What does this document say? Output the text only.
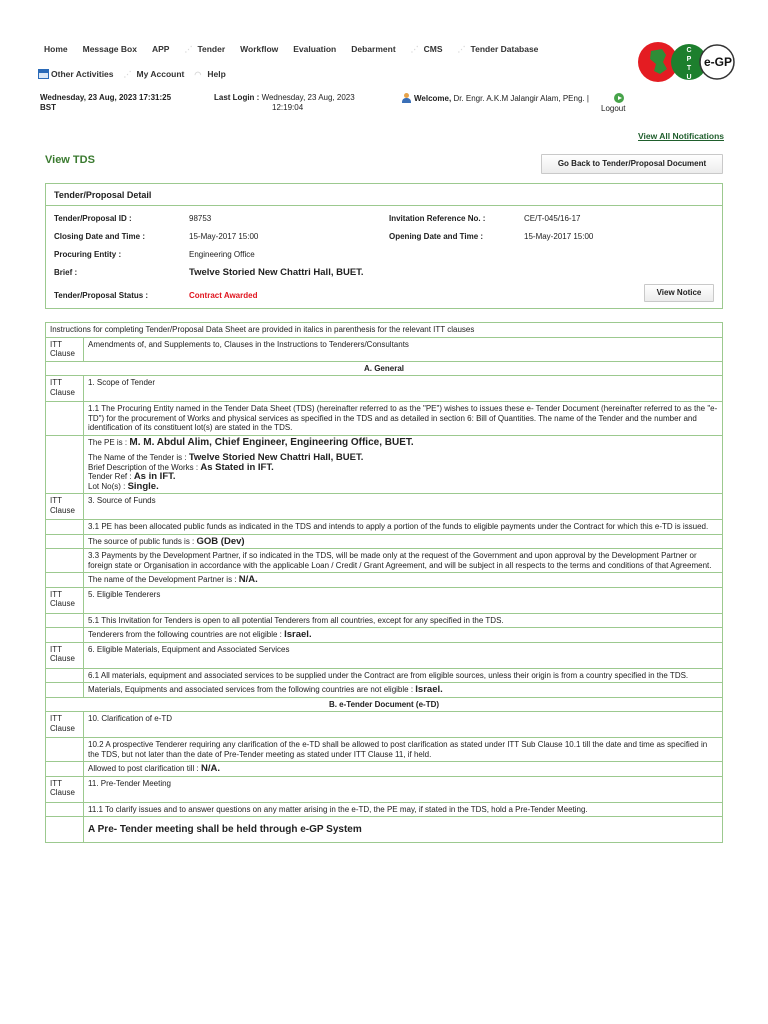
Home Message Box APP ⋰ Tender Workflow Evaluation Debarment ⋰ CMS ⋰ Tender Database
Other Activities ⋰ My Account ◠ Help
C
P
T
U
e-GP
Wednesday, 23 Aug, 2023 17:31:25
BST
Last Login : Wednesday, 23 Aug, 2023
12:19:04
Welcome, Dr. Engr. A.K.M Jalangir Alam, PEng. |
Logout
View All Notifications
View TDS	Go Back to Tender/Proposal Document
Tender/Proposal Detail
Tender/Proposal ID :	98753	Invitation Reference No. :	CE/T-045/16-17
Closing Date and Time :	15-May-2017 15:00	Opening Date and Time :	15-May-2017 15:00
Procuring Entity :	Engineering Office
Brief :	Twelve Storied New Chattri Hall, BUET.
Tender/Proposal Status :	Contract Awarded	View Notice
Instructions for completing Tender/Proposal Data Sheet are provided in italics in parenthesis for the relevant ITT clauses	
ITT Clause	Amendments of, and Supplements to, Clauses in the Instructions to Tenderers/Consultants
A. General	
ITT Clause	1. Scope of Tender
	1.1 The Procuring Entity named in the Tender Data Sheet (TDS) (hereinafter referred to as the "PE") wishes to issues these e- Tender Document (hereinafter referred to as the "e-TD") for the procurement of Works and physical services as specified in the TDS and as detailed in section 6: Bill of Quantities. The name of the Tender and the number and identification of its constituent lot(s) are stated in the TDS.

	The PE is : M. M. Abdul Alim, Chief Engineer, Engineering Office, BUET.
The Name of the Tender is : Twelve Storied New Chattri Hall, BUET.
Brief Description of the Works : As Stated in IFT.
Tender Ref : As in IFT.
Lot No(s) : Single.

ITT Clause	3. Source of Funds
	3.1 PE has been allocated public funds as indicated in the TDS and intends to apply a portion of the funds to eligible payments under the Contract for which this e-TD is issued.
	The source of public funds is : GOB (Dev)
	3.3 Payments by the Development Partner, if so indicated in the TDS, will be made only at the request of the Government and upon approval by the Development Partner or foreign state or Organisation in accordance with the applicable Loan / Credit / Grant Agreement, and will be subject in all respects to the terms and conditions of that Agreement.
	The name of the Development Partner is : N/A.
ITT Clause	5. Eligible Tenderers
	5.1 This Invitation for Tenders is open to all potential Tenderers from all countries, except for any specified in the TDS.
	Tenderers from the following countries are not eligible : Israel.
ITT Clause	6. Eligible Materials, Equipment and Associated Services
	6.1 All materials, equipment and associated services to be supplied under the Contract are from eligible sources, unless their origin is from a country specified in the TDS.
	Materials, Equipments and associated services from the following countries are not eligible : Israel.
B. e-Tender Document (e-TD)	
ITT Clause	10. Clarification of e-TD
	10.2 A prospective Tenderer requiring any clarification of the e-TD shall be allowed to post clarification as stated under ITT Sub Clause 10.1 till the date and time as specified in the TDS, but not later than the date of Pre-Tender meeting as stated under ITT Clause 11, if held.
	Allowed to post clarification till : N/A.
ITT Clause	11. Pre-Tender Meeting
	11.1 To clarify issues and to answer questions on any matter arising in the e-TD, the PE may, if stated in the TDS, hold a Pre-Tender Meeting.
	A Pre- Tender meeting shall be held through e-GP System
